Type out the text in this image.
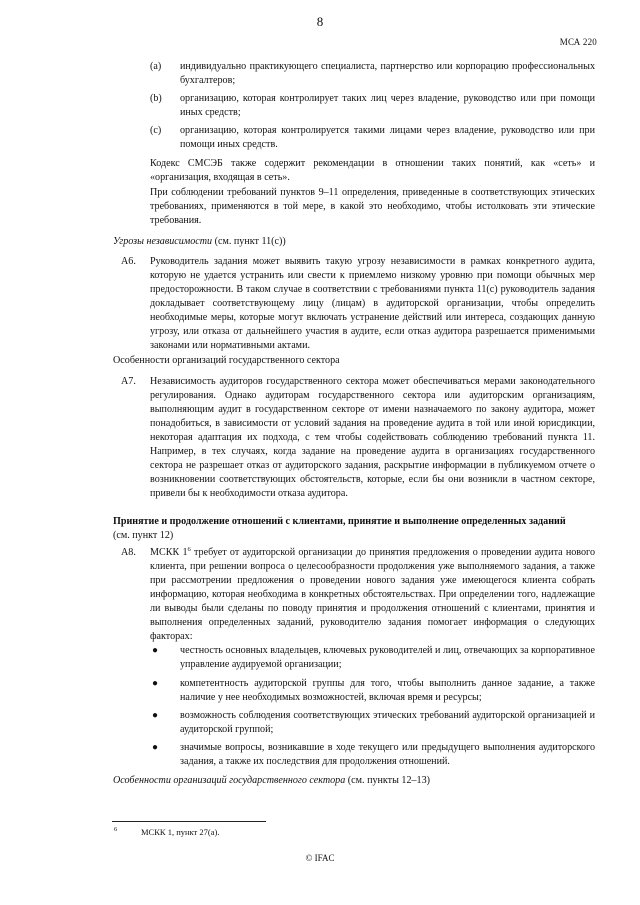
8
МСА 220
(a) индивидуально практикующего специалиста, партнерство или корпорацию профессиональных бухгалтеров;

(b) организацию, которая контролирует таких лиц через владение, руководство или при помощи иных средств;

(c) организацию, которая контролируется такими лицами через владение, руководство или при помощи иных средств.

Кодекс СМСЭБ также содержит рекомендации в отношении таких понятий, как «сеть» и «организация, входящая в сеть».

При соблюдении требований пунктов 9–11 определения, приведенные в соответствующих этических требованиях, применяются в той мере, в какой это необходимо, чтобы истолковать эти этические требования.

Угрозы независимости (см. пункт 11(c))
A6. Руководитель задания может выявить такую угрозу независимости в рамках конкретного аудита, которую не удается устранить или свести к приемлемо низкому уровню при помощи обычных мер предосторожности. В таком случае в соответствии с требованиями пункта 11(c) руководитель задания докладывает соответствующему лицу (лицам) в аудиторской организации, чтобы определить необходимые меры, которые могут включать устранение действий или интереса, создающих данную угрозу, или отказа от дальнейшего участия в аудите, если отказ аудитора разрешается применимыми законами или нормативными актами.

Особенности организаций государственного сектора
A7. Независимость аудиторов государственного сектора может обеспечиваться мерами законодательного регулирования. Однако аудиторам государственного сектора или аудиторским организациям, выполняющим аудит в государственном секторе от имени назначаемого по закону аудитора, может понадобиться, в зависимости от условий задания на проведение аудита в той или иной юрисдикции, некоторая адаптация их подхода, с тем чтобы содействовать соблюдению требований пункта 11. Например, в тех случаях, когда задание на проведение аудита в организациях государственного сектора не разрешает отказ от аудиторского задания, раскрытие информации в публикуемом отчете о возникновении соответствующих обстоятельств, которые, если бы они возникли в частном секторе, привели бы к необходимости отказа аудитора.

Принятие и продолжение отношений с клиентами, принятие и выполнение определенных заданий
(см. пункт 12)
A8. МСКК $1^6$ требует от аудиторской организации до принятия предложения о проведении аудита нового клиента, при решении вопроса о целесообразности продолжения уже выполняемого задания, а также при рассмотрении предложения о проведении нового задания уже имеющегося клиента собрать информацию, которая необходима в конкретных обстоятельствах. При определении того, надлежащие ли выводы были сделаны по поводу принятия и продолжения отношений с клиентами, принятия и выполнения определенных заданий, руководителю задания помогает информация о следующих факторах:

● честность основных владельцев, ключевых руководителей и лиц, отвечающих за корпоративное управление аудируемой организации;

● компетентность аудиторской группы для того, чтобы выполнить данное задание, а также наличие у нее необходимых возможностей, включая время и ресурсы;

● возможность соблюдения соответствующих этических требований аудиторской организацией и аудиторской группой;

● значимые вопросы, возникавшие в ходе текущего или предыдущего выполнения аудиторского задания, а также их последствия для продолжения отношений.

Особенности организаций государственного сектора (см. пункты 12–13)
6	МСКК 1, пункт 27(a).
© IFAC
